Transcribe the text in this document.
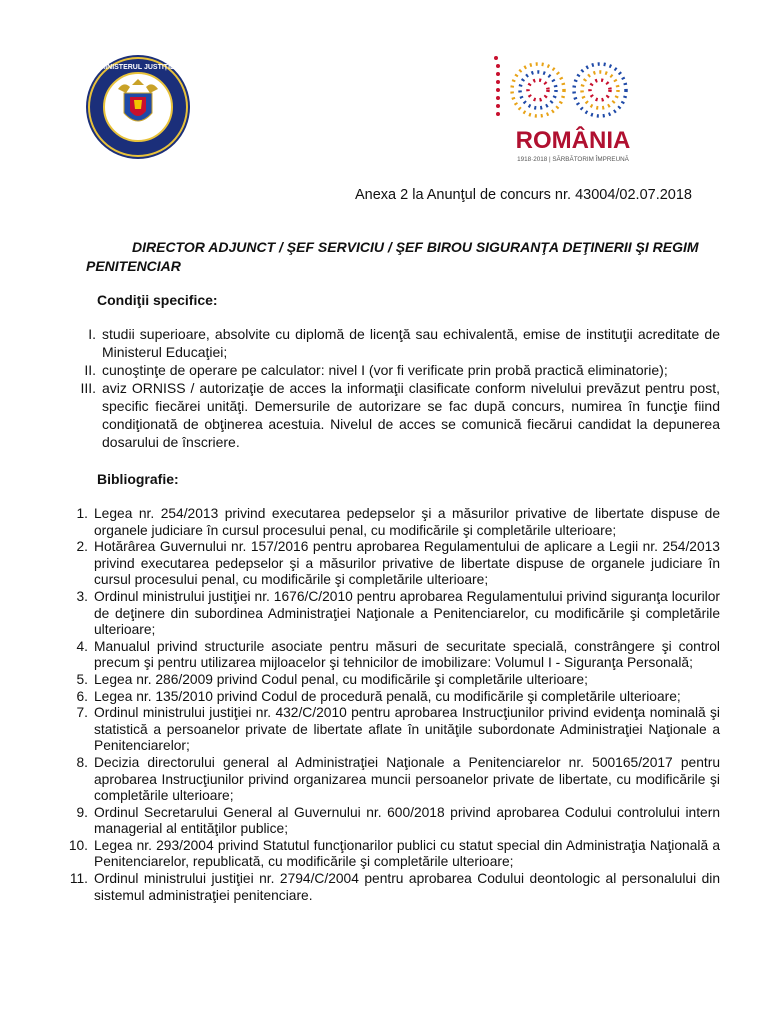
MINISTERUL JUSTIȚIEI
ROMÂNIA
1918·2018 | SĂRBĂTORIM ÎMPREUNĂ
Anexa 2 la Anunţul de concurs nr. 43004/02.07.2018
DIRECTOR ADJUNCT / ŞEF SERVICIU / ŞEF BIROU SIGURANŢA DEŢINERII ŞI REGIM PENITENCIAR
Condiţii specifice:
I. studii superioare, absolvite cu diplomă de licenţă sau echivalentă, emise de instituţii acreditate de Ministerul Educaţiei;
II. cunoştinţe de operare pe calculator: nivel I (vor fi verificate prin probă practică eliminatorie);
III. aviz ORNISS / autorizaţie de acces la informaţii clasificate conform nivelului prevăzut pentru post, specific fiecărei unităţi. Demersurile de autorizare se fac după concurs, numirea în funcţie fiind condiţionată de obţinerea acestuia. Nivelul de acces se comunică fiecărui candidat la depunerea dosarului de înscriere.
Bibliografie:
1. Legea nr. 254/2013 privind executarea pedepselor şi a măsurilor privative de libertate dispuse de organele judiciare în cursul procesului penal, cu modificările şi completările ulterioare;
2. Hotărârea Guvernului nr. 157/2016 pentru aprobarea Regulamentului de aplicare a Legii nr. 254/2013 privind executarea pedepselor şi a măsurilor privative de libertate dispuse de organele judiciare în cursul procesului penal, cu modificările şi completările ulterioare;
3. Ordinul ministrului justiţiei nr. 1676/C/2010 pentru aprobarea Regulamentului privind siguranţa locurilor de deţinere din subordinea Administraţiei Naţionale a Penitenciarelor, cu modificările şi completările ulterioare;
4. Manualul privind structurile asociate pentru măsuri de securitate specială, constrângere şi control precum şi pentru utilizarea mijloacelor şi tehnicilor de imobilizare: Volumul I - Siguranţa Personală;
5. Legea nr. 286/2009 privind Codul penal, cu modificările şi completările ulterioare;
6. Legea nr. 135/2010 privind Codul de procedură penală, cu modificările şi completările ulterioare;
7. Ordinul ministrului justiţiei nr. 432/C/2010 pentru aprobarea Instrucţiunilor privind evidenţa nominală şi statistică a persoanelor private de libertate aflate în unităţile subordonate Administraţiei Naţionale a Penitenciarelor;
8. Decizia directorului general al Administraţiei Naţionale a Penitenciarelor nr. 500165/2017 pentru aprobarea Instrucţiunilor privind organizarea muncii persoanelor private de libertate, cu modificările şi completările ulterioare;
9. Ordinul Secretarului General al Guvernului nr. 600/2018 privind aprobarea Codului controlului intern managerial al entităţilor publice;
10. Legea nr. 293/2004 privind Statutul funcţionarilor publici cu statut special din Administraţia Naţională a Penitenciarelor, republicată, cu modificările şi completările ulterioare;
11. Ordinul ministrului justiţiei nr. 2794/C/2004 pentru aprobarea Codului deontologic al personalului din sistemul administraţiei penitenciare.
